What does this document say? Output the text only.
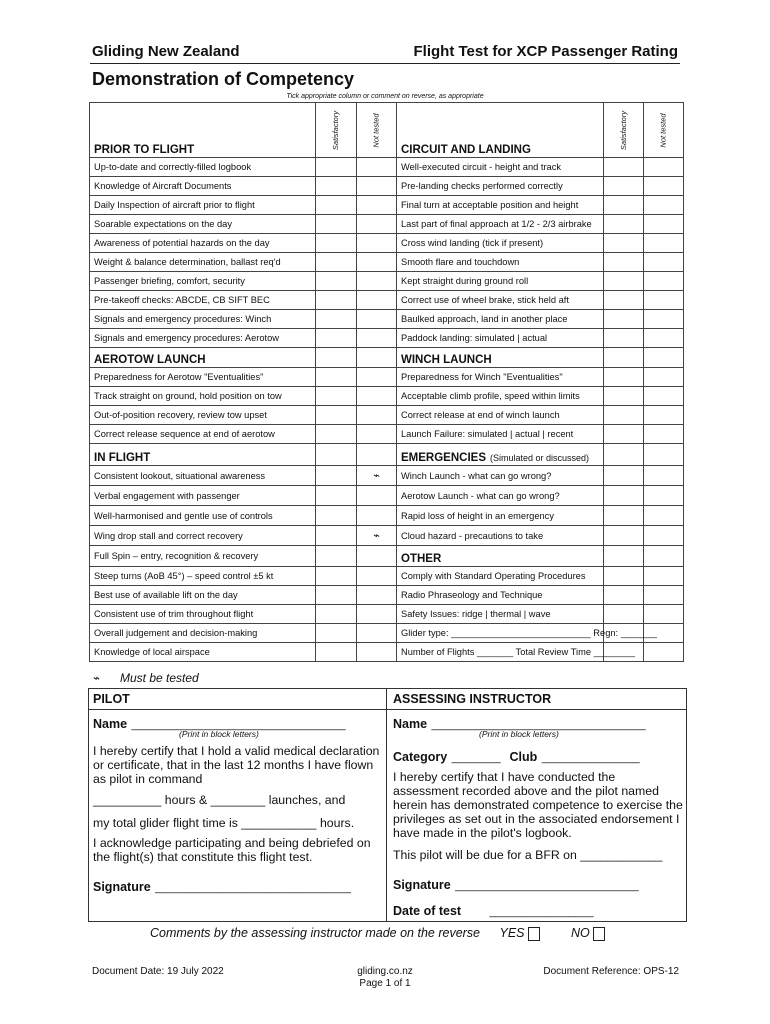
Gliding New Zealand	Flight Test for XCP Passenger Rating
Demonstration of Competency
Tick appropriate column or comment on reverse, as appropriate
PRIOR TO FLIGHT	Satisfactory	Not tested	CIRCUIT AND LANDING	Satisfactory	Not tested
Up-to-date and correctly-filled logbook			Well-executed circuit - height and track		
Knowledge of Aircraft Documents			Pre-landing checks performed correctly		
Daily Inspection of aircraft prior to flight			Final turn at acceptable position and height		
Soarable expectations on the day			Last part of final approach at 1/2 - 2/3 airbrake		
Awareness of potential hazards on the day			Cross wind landing (tick if present)		
Weight & balance determination, ballast req'd			Smooth flare and touchdown		
Passenger briefing, comfort, security			Kept straight during ground roll		
Pre-takeoff checks: ABCDE, CB SIFT BEC			Correct use of wheel brake, stick held aft		
Signals and emergency procedures: Winch			Baulked approach, land in another place		
Signals and emergency procedures: Aerotow			Paddock landing: simulated | actual		
AEROTOW LAUNCH			WINCH LAUNCH		
Preparedness for Aerotow "Eventualities"			Preparedness for Winch "Eventualities"		
Track straight on ground, hold position on tow			Acceptable climb profile, speed within limits		
Out-of-position recovery, review tow upset			Correct release at end of winch launch		
Correct release sequence at end of aerotow			Launch Failure: simulated | actual | recent		
IN FLIGHT			EMERGENCIES (Simulated or discussed)		
Consistent lookout, situational awareness		⌁	Winch Launch - what can go wrong?		
Verbal engagement with passenger			Aerotow Launch - what can go wrong?		
Well-harmonised and gentle use of controls			Rapid loss of height in an emergency		
Wing drop stall and correct recovery		⌁	Cloud hazard - precautions to take		
Full Spin – entry, recognition & recovery			OTHER		
Steep turns (AoB 45°) – speed control ±5 kt			Comply with Standard Operating Procedures		
Best use of available lift on the day			Radio Phraseology and Technique		
Consistent use of trim throughout flight			Safety Issues: ridge | thermal | wave		
Overall judgement and decision-making			Glider type: ___________________________ Regn: _______		
Knowledge of local airspace			Number of Flights _______ Total Review Time ________		
⌁ Must be tested
PILOT	ASSESSING INSTRUCTOR
Name ___________________________________
(Print in block letters)
I hereby certify that I hold a valid medical declaration or certificate, that in the last 12 months I have flown as pilot in command
__________ hours & ________ launches, and
my total glider flight time is ___________ hours.
I acknowledge participating and being debriefed on the flight(s) that constitute this flight test.
Signature ________________________________
Name ___________________________________
(Print in block letters)
Category ________ Club ________________
I hereby certify that I have conducted the assessment recorded above and the pilot named herein has demonstrated competence to exercise the privileges as set out in the associated endorsement I have made in the pilot's logbook.
This pilot will be due for a BFR on ____________
Signature ______________________________
Date of test	_________________
Comments by the assessing instructor made on the reverse YES	NO
Document Date: 19 July 2022	gliding.co.nz
Page 1 of 1
Document Reference: OPS-12
